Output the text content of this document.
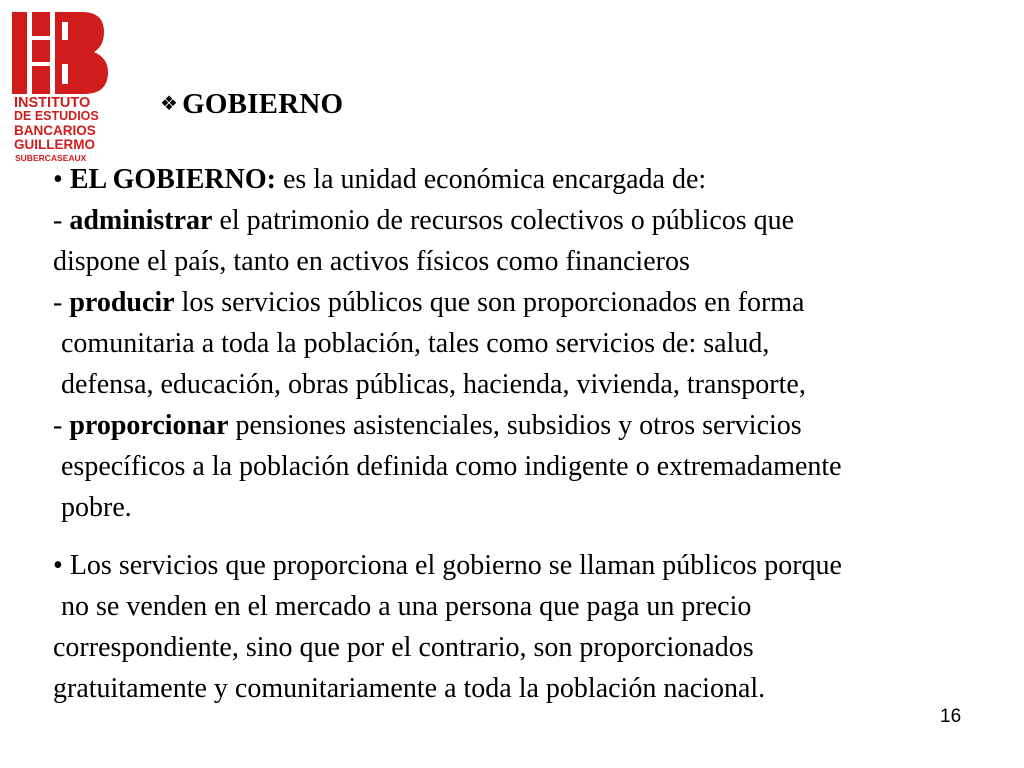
INSTITUTO
DE ESTUDIOS
BANCARIOS
GUILLERMO
SUBERCASEAUX
❖ GOBIERNO
• EL GOBIERNO: es la unidad económica encargada de:
- administrar el patrimonio de recursos colectivos o públicos que
dispone el país, tanto en activos físicos como financieros
- producir los servicios públicos que son proporcionados en forma
comunitaria a toda la población, tales como servicios de: salud,
defensa, educación, obras públicas, hacienda, vivienda, transporte,
- proporcionar pensiones asistenciales, subsidios y otros servicios
específicos a la población definida como indigente o extremadamente
pobre.
• Los servicios que proporciona el gobierno se llaman públicos porque
no se venden en el mercado a una persona que paga un precio
correspondiente, sino que por el contrario, son proporcionados
gratuitamente y comunitariamente a toda la población nacional.
16
